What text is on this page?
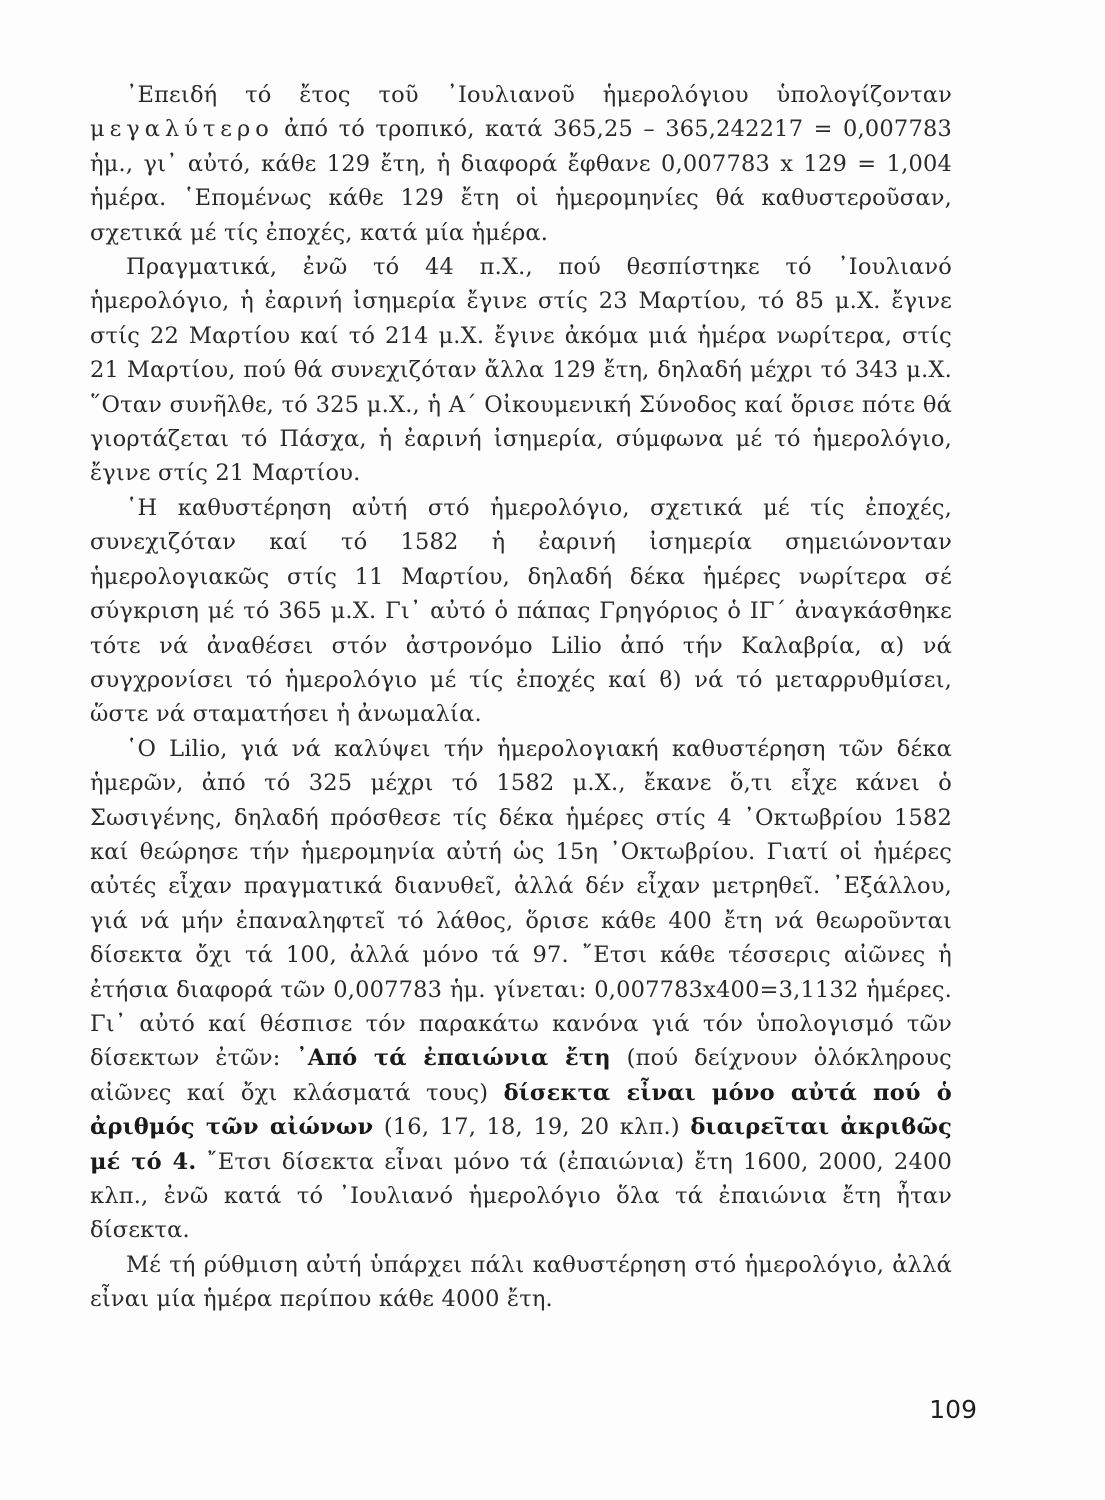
᾿Επειδή τό ἔτος τοῦ ᾿Ιουλιανοῦ ἡμερολόγιου ὑπολογίζονταν μεγαλύτερο ἀπό τό τροπικό, κατά 365,25 – 365,242217 = 0,007783 ἡμ., γι᾿ αὐτό, κάθε 129 ἔτη, ἡ διαφορά ἔφθανε 0,007783 x 129 = 1,004 ἡμέρα. ῾Επομένως κάθε 129 ἔτη οἱ ἡμερομηνίες θά καθυστεροῦσαν, σχετικά μέ τίς ἐποχές, κατά μία ἡμέρα.

Πραγματικά, ἐνῶ τό 44 π.Χ., πού θεσπίστηκε τό ᾿Ιουλιανό ἡμερολόγιο, ἡ ἐαρινή ἰσημερία ἔγινε στίς 23 Μαρτίου, τό 85 μ.Χ. ἔγινε στίς 22 Μαρτίου καί τό 214 μ.Χ. ἔγινε ἀκόμα μιά ἡμέρα νωρίτερα, στίς 21 Μαρτίου, πού θά συνεχιζόταν ἄλλα 129 ἔτη, δηλαδή μέχρι τό 343 μ.Χ. ῞Οταν συνῆλθε, τό 325 μ.Χ., ἡ Α´ Οἰκουμενική Σύνοδος καί ὅρισε πότε θά γιορτάζεται τό Πάσχα, ἡ ἐαρινή ἰσημερία, σύμφωνα μέ τό ἡμερολόγιο, ἔγινε στίς 21 Μαρτίου.

῾Η καθυστέρηση αὐτή στό ἡμερολόγιο, σχετικά μέ τίς ἐποχές, συνεχιζόταν καί τό 1582 ἡ ἐαρινή ἰσημερία σημειώνονταν ἡμερολογιακῶς στίς 11 Μαρτίου, δηλαδή δέκα ἡμέρες νωρίτερα σέ σύγκριση μέ τό 365 μ.Χ. Γι᾿ αὐτό ὁ πάπας Γρηγόριος ὁ ΙΓ´ ἀναγκάσθηκε τότε νά ἀναθέσει στόν ἀστρονόμο Lilio ἀπό τήν Καλαβρία, α) νά συγχρονίσει τό ἡμερολόγιο μέ τίς ἐποχές καί ϐ) νά τό μεταρρυθμίσει, ὥστε νά σταματήσει ἡ ἀνωμαλία.

῾Ο Lilio, γιά νά καλύψει τήν ἡμερολογιακή καθυστέρηση τῶν δέκα ἡμερῶν, ἀπό τό 325 μέχρι τό 1582 μ.Χ., ἔκανε ὅ,τι εἶχε κάνει ὁ Σωσιγένης, δηλαδή πρόσθεσε τίς δέκα ἡμέρες στίς 4 ᾿Οκτωβρίου 1582 καί θεώρησε τήν ἡμερομηνία αὐτή ὡς 15η ᾿Οκτωβρίου. Γιατί οἱ ἡμέρες αὐτές εἶχαν πραγματικά διανυθεῖ, ἀλλά δέν εἶχαν μετρηθεῖ. ᾿Εξάλλου, γιά νά μήν ἐπαναληφτεῖ τό λάθος, ὅρισε κάθε 400 ἔτη νά θεωροῦνται δίσεκτα ὄχι τά 100, ἀλλά μόνο τά 97. ῎Ετσι κάθε τέσσερις αἰῶνες ἡ ἐτήσια διαφορά τῶν 0,007783 ἡμ. γίνεται: 0,007783x400=3,1132 ἡμέρες. Γι᾿ αὐτό καί θέσπισε τόν παρακάτω κανόνα γιά τόν ὑπολογισμό τῶν δίσεκτων ἐτῶν: ᾿Από τά ἐπαιώνια ἔτη (πού δείχνουν ὁλόκληρους αἰῶνες καί ὄχι κλάσματά τους) δίσεκτα εἶναι μόνο αὐτά πού ὁ ἀριθμός τῶν αἰώνων (16, 17, 18, 19, 20 κλπ.) διαιρεῖται ἀκριϐῶς μέ τό 4. ῎Ετσι δίσεκτα εἶναι μόνο τά (ἐπαιώνια) ἔτη 1600, 2000, 2400 κλπ., ἐνῶ κατά τό ᾿Ιουλιανό ἡμερολόγιο ὅλα τά ἐπαιώνια ἔτη ἦταν δίσεκτα.

Μέ τή ρύθμιση αὐτή ὑπάρχει πάλι καθυστέρηση στό ἡμερολόγιο, ἀλλά εἶναι μία ἡμέρα περίπου κάθε 4000 ἔτη.

109
